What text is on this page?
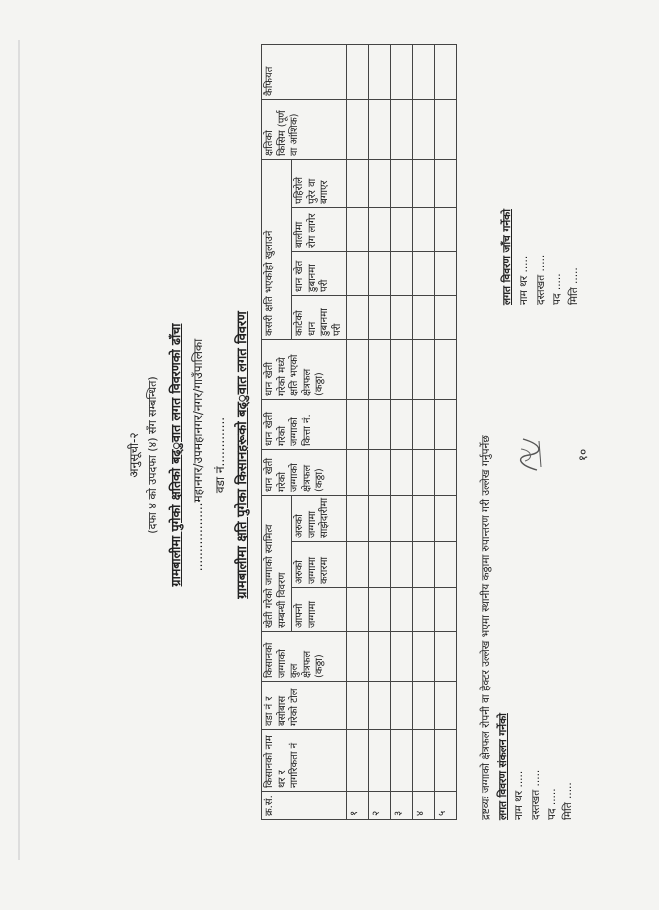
अनुसूची-२ (दफा ४ को उपदफा (४) सँग सम्बन्धित) ग्रामबालीमा पुगेको क्षतिको बढ्ुवात लगत विवरणको ढाँचा ..................महानगर/उपमहानगर/नगर/गाउँपालिका वडा नं............. ग्रामबालीमा क्षति पुगेका किसानहरूको बढ्ुवात लगत विवरण
क्र.सं.	किसानको नाम थर र नागरिकता नं	वडा नं र बसोबास गरेको टोल	किसानको जग्गाको कुल क्षेत्रफल (कठ्ठा)	खेती गरेको जग्गाको स्वामित्व सम्बन्धी विवरण			धान खेती गरेको जग्गाको क्षेत्रफल (कठ्ठा)	धान खेती गरेको जग्गाको कित्ता नं.	धान खेती गरेको मध्ये क्षति भएको क्षेत्रफल (कठ्ठा)	कसरी क्षति भएकोहो खुलाउने				क्षतिको किसिम (पूर्ण वा आंशिक)	कैफियत
				आफ्नो जग्गामा	अरुको जग्गामा करारमा	अरुको जग्गामा साझेदारीमा				काटेको धान डुबानमा परी	धान खेत डुबानमा परी	बालीमा रोग लागेर	पहिरोले पुरेर वा बगाएर		
१															
२															
३															
४															
५																द्रष्टव्यः जग्गाको क्षेत्रफल रोपनी वा हेक्टर उल्लेख भएमा स्थानीय कठ्ठामा रुपान्तरण गरी उल्लेख गर्नुपर्नेछ लगत विवरण संकलन गर्नेको नाम थर ..... दस्तखत ..... पद ..... मिति .....
लगत विवरण जाँच गर्नेको नाम थर ..... दस्तखत ..... पद ..... मिति .....
१०
